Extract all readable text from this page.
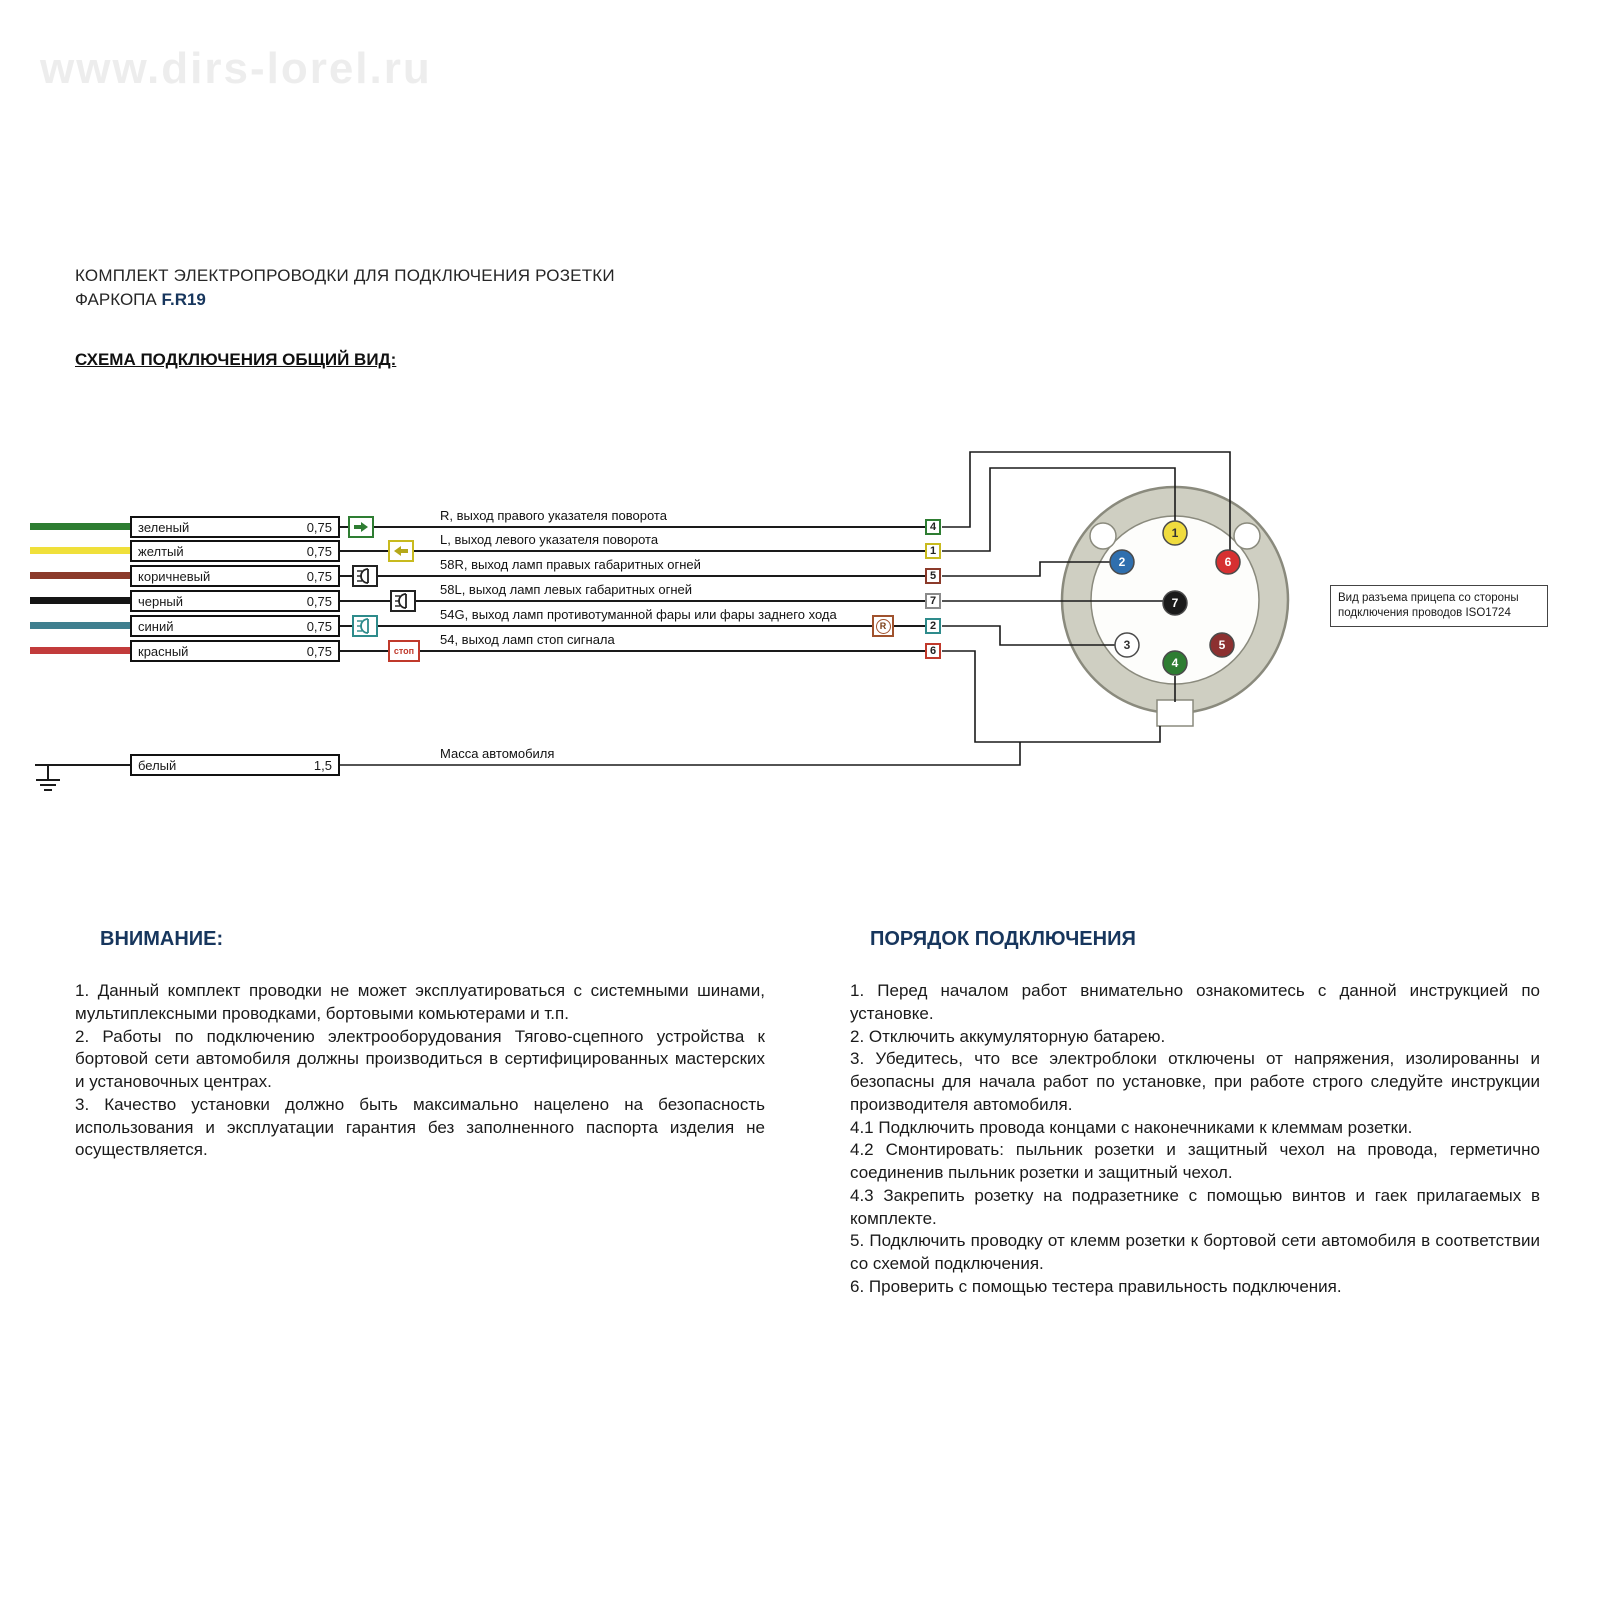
www.dirs-lorel.ru
КОМПЛЕКТ ЭЛЕКТРОПРОВОДКИ ДЛЯ ПОДКЛЮЧЕНИЯ РОЗЕТКИ
ФАРКОПА F.R19
СХЕМА ПОДКЛЮЧЕНИЯ ОБЩИЙ ВИД:
1
2	6
7
3	5
4
зеленый	0,75
R, выход правого указателя поворота
4
желтый	0,75
L, выход левого указателя поворота
1
коричневый	0,75
58R, выход ламп правых габаритных огней
5
черный	0,75
58L, выход ламп левых габаритных огней
7
синий	0,75
54G, выход ламп противотуманной фары или фары заднего хода
R	2
красный	0,75
54, выход ламп стоп сигнала
стоп	6
белый	1,5
Масса автомобиля
Вид разъема прицепа со стороны подключения проводов ISO1724
ВНИМАНИЕ:

1. Данный комплект проводки не может эксплуатироваться с системными шинами, мультиплексными проводками, бортовыми комьютерами и т.п.

2. Работы по подключению электрооборудования Тягово-сцепного устройства к бортовой сети автомобиля должны производиться в сертифицированных мастерских и установочных центрах.

3. Качество установки должно быть максимально нацелено на безопасность использования и эксплуатации гарантия без заполненного паспорта изделия не осуществляется.

ПОРЯДОК ПОДКЛЮЧЕНИЯ

1. Перед началом работ внимательно ознакомитесь с данной инструкцией по установке.

2. Отключить аккумуляторную батарею.

3. Убедитесь, что все электроблоки отключены от напряжения, изолированны и безопасны для начала работ по установке, при работе строго следуйте инструкции производителя автомобиля.

4.1 Подключить провода концами с наконечниками к клеммам розетки.

4.2 Смонтировать: пыльник розетки и защитный чехол на провода, герметично соединенив пыльник розетки и защитный чехол.

4.3 Закрепить розетку на подразетнике с помощью винтов и гаек прилагаемых в комплекте.

5. Подключить проводку от клемм розетки к бортовой сети автомобиля в соответствии со схемой подключения.

6. Проверить с помощью тестера правильность подключения.
